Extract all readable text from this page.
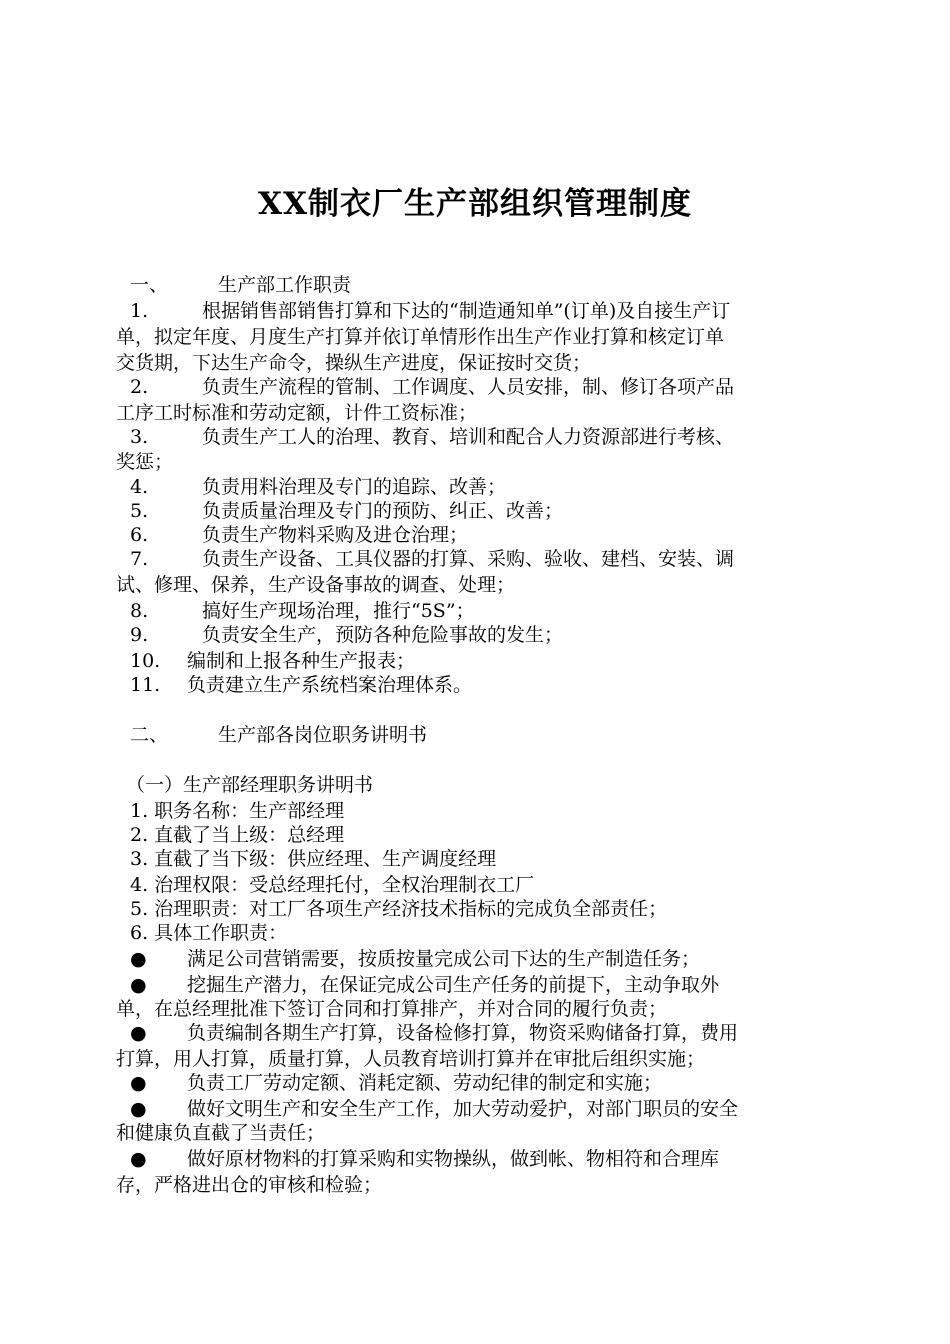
XX制衣厂生产部组织管理制度
一、	生产部工作职责
1.	根据销售部销售打算和下达的“制造通知单”(订单)及自接生产订
单，拟定年度、月度生产打算并依订单情形作出生产作业打算和核定订单
交货期，下达生产命令，操纵生产进度，保证按时交货；
2.	负责生产流程的管制、工作调度、人员安排，制、修订各项产品
工序工时标准和劳动定额，计件工资标准；
3.	负责生产工人的治理、教育、培训和配合人力资源部进行考核、
奖惩；
4.	负责用料治理及专门的追踪、改善；
5.	负责质量治理及专门的预防、纠正、改善；
6.	负责生产物料采购及进仓治理；
7.	负责生产设备、工具仪器的打算、采购、验收、建档、安装、调
试、修理、保养，生产设备事故的调查、处理；
8.	搞好生产现场治理，推行“5S”；
9.	负责安全生产，预防各种危险事故的发生；
10. 编制和上报各种生产报表；
11. 负责建立生产系统档案治理体系。
二、	生产部各岗位职务讲明书
（一）生产部经理职务讲明书
1. 职务名称：生产部经理
2. 直截了当上级：总经理
3. 直截了当下级：供应经理、生产调度经理
4. 治理权限：受总经理托付，全权治理制衣工厂
5. 治理职责：对工厂各项生产经济技术指标的完成负全部责任；
6. 具体工作职责：
● 满足公司营销需要，按质按量完成公司下达的生产制造任务；
● 挖掘生产潜力，在保证完成公司生产任务的前提下，主动争取外
单，在总经理批准下签订合同和打算排产，并对合同的履行负责；
● 负责编制各期生产打算，设备检修打算，物资采购储备打算，费用
打算，用人打算，质量打算，人员教育培训打算并在审批后组织实施；
● 负责工厂劳动定额、消耗定额、劳动纪律的制定和实施；
● 做好文明生产和安全生产工作，加大劳动爱护，对部门职员的安全
和健康负直截了当责任；
● 做好原材物料的打算采购和实物操纵，做到帐、物相符和合理库
存，严格进出仓的审核和检验；
